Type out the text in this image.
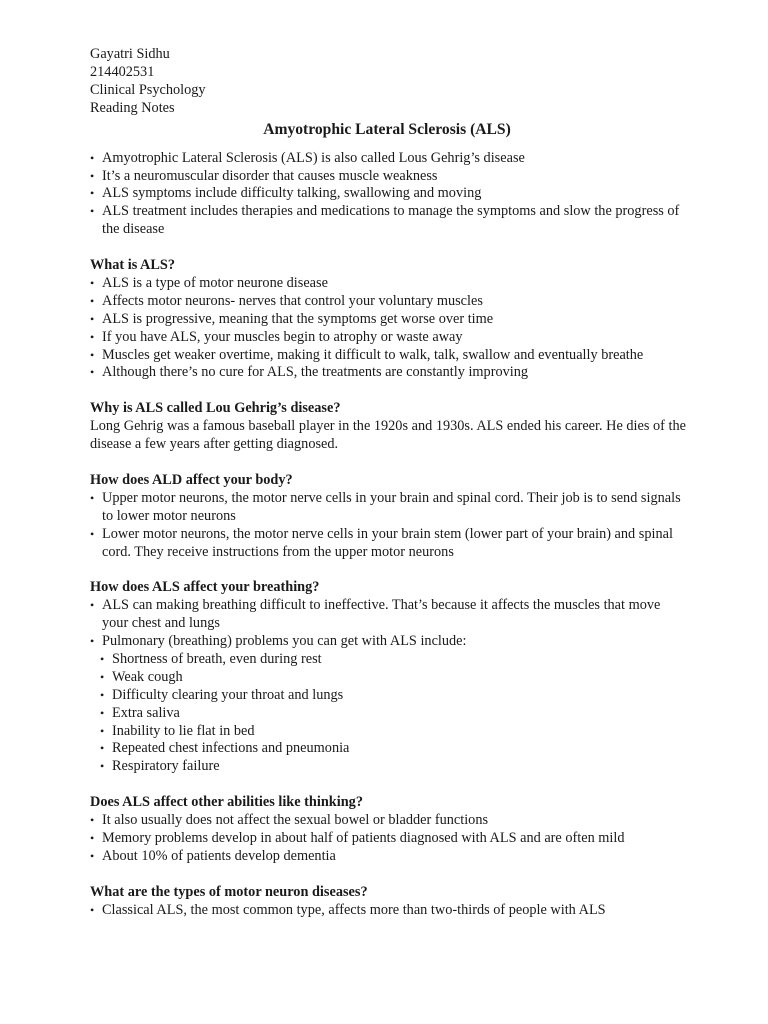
Gayatri Sidhu
214402531
Clinical Psychology
Reading Notes
Amyotrophic Lateral Sclerosis (ALS)
• Amyotrophic Lateral Sclerosis (ALS) is also called Lous Gehrig’s disease
• It’s a neuromuscular disorder that causes muscle weakness
• ALS symptoms include difficulty talking, swallowing and moving
• ALS treatment includes therapies and medications to manage the symptoms and slow the progress of the disease
What is ALS?
• ALS is a type of motor neurone disease
• Affects motor neurons- nerves that control your voluntary muscles
• ALS is progressive, meaning that the symptoms get worse over time
• If you have ALS, your muscles begin to atrophy or waste away
• Muscles get weaker overtime, making it difficult to walk, talk, swallow and eventually breathe
• Although there’s no cure for ALS, the treatments are constantly improving
Why is ALS called Lou Gehrig’s disease?
Long Gehrig was a famous baseball player in the 1920s and 1930s. ALS ended his career. He dies of the disease a few years after getting diagnosed.
How does ALD affect your body?
• Upper motor neurons, the motor nerve cells in your brain and spinal cord. Their job is to send signals to lower motor neurons
• Lower motor neurons, the motor nerve cells in your brain stem (lower part of your brain) and spinal cord. They receive instructions from the upper motor neurons
How does ALS affect your breathing?
• ALS can making breathing difficult to ineffective. That’s because it affects the muscles that move your chest and lungs
• Pulmonary (breathing) problems you can get with ALS include:
• Shortness of breath, even during rest
• Weak cough
• Difficulty clearing your throat and lungs
• Extra saliva
• Inability to lie flat in bed
• Repeated chest infections and pneumonia
• Respiratory failure
Does ALS affect other abilities like thinking?
• It also usually does not affect the sexual bowel or bladder functions
• Memory problems develop in about half of patients diagnosed with ALS and are often mild
• About 10% of patients develop dementia
What are the types of motor neuron diseases?
• Classical ALS, the most common type, affects more than two-thirds of people with ALS
